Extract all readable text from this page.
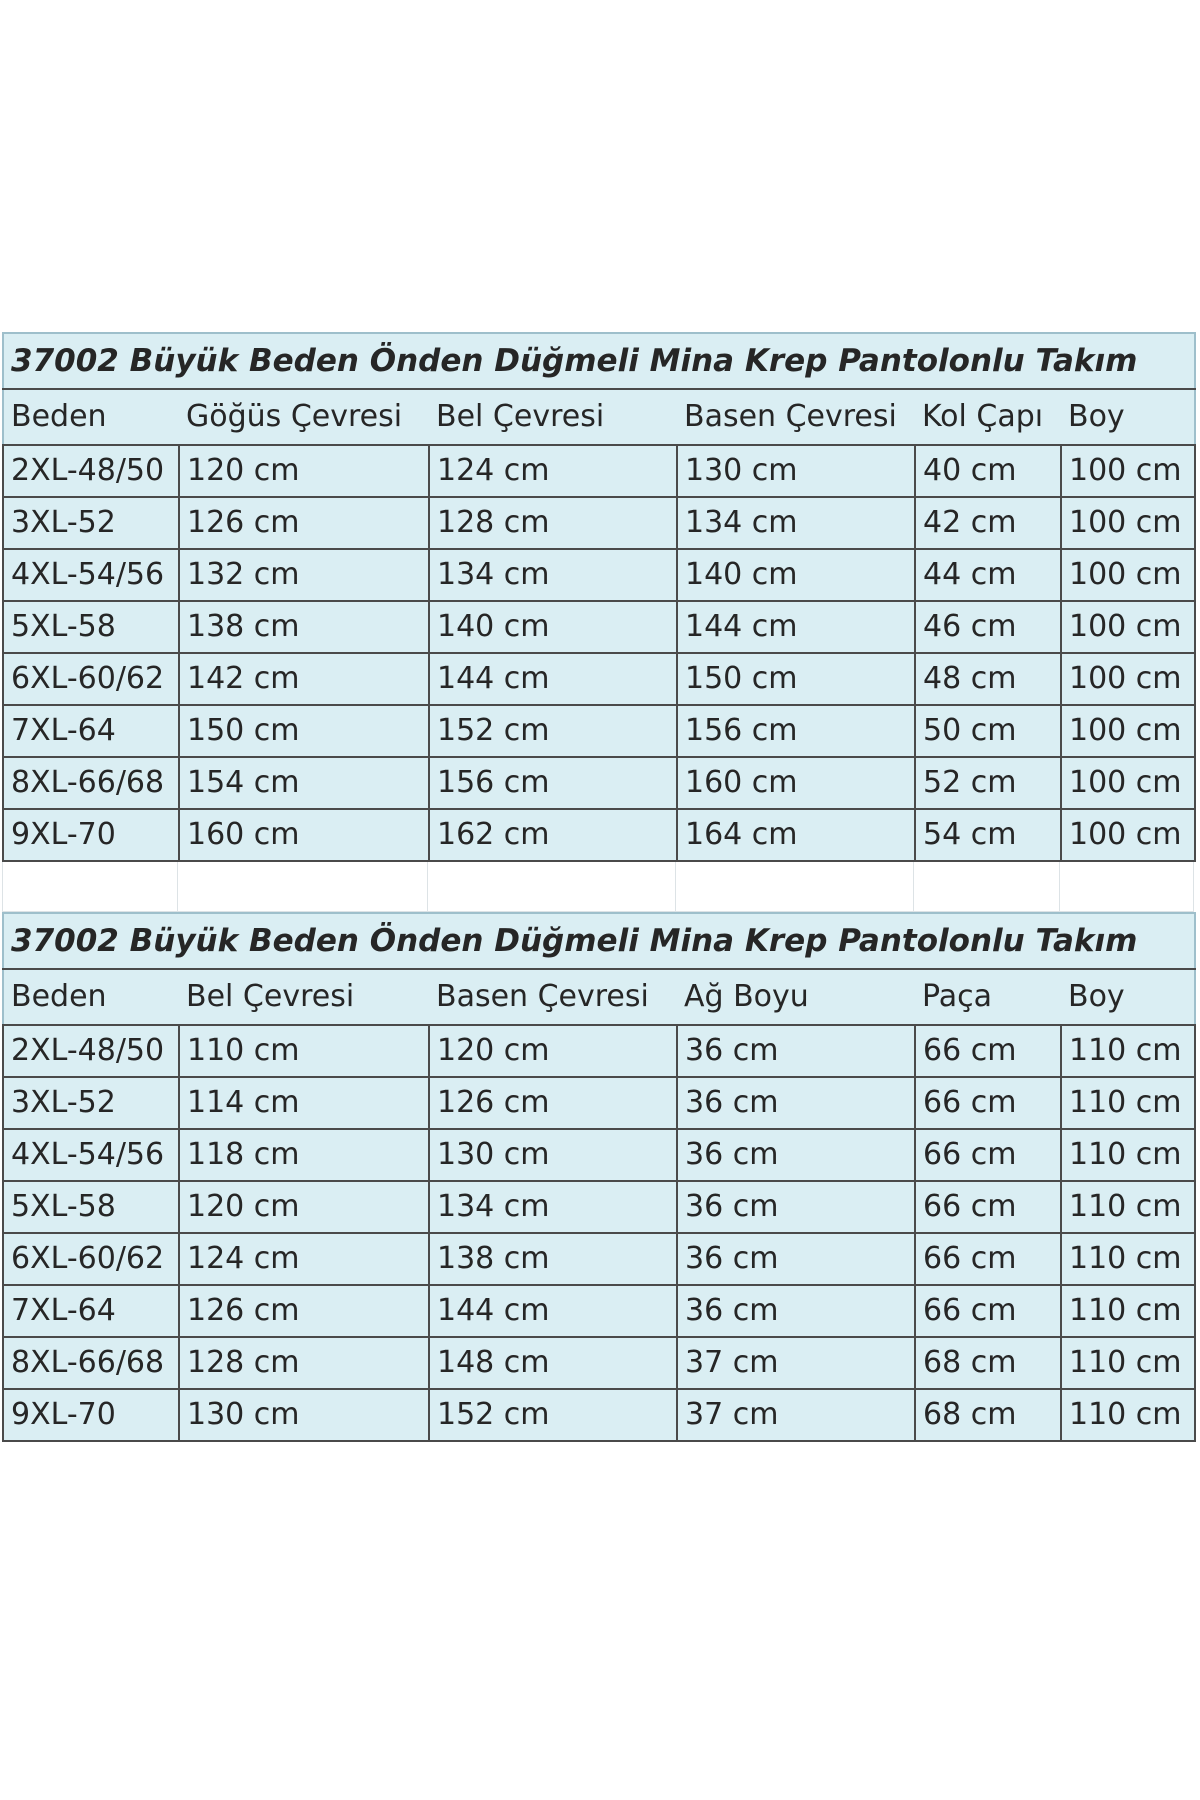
37002 Büyük Beden Önden Düğmeli Mina Krep Pantolonlu Takım					
Beden	Göğüs Çevresi	Bel Çevresi	Basen Çevresi	Kol Çapı	Boy
2XL-48/50	120 cm	124 cm	130 cm	40 cm	100 cm
3XL-52	126 cm	128 cm	134 cm	42 cm	100 cm
4XL-54/56	132 cm	134 cm	140 cm	44 cm	100 cm
5XL-58	138 cm	140 cm	144 cm	46 cm	100 cm
6XL-60/62	142 cm	144 cm	150 cm	48 cm	100 cm
7XL-64	150 cm	152 cm	156 cm	50 cm	100 cm
8XL-66/68	154 cm	156 cm	160 cm	52 cm	100 cm
9XL-70	160 cm	162 cm	164 cm	54 cm	100 cm
37002 Büyük Beden Önden Düğmeli Mina Krep Pantolonlu Takım					
Beden	Bel Çevresi	Basen Çevresi	Ağ Boyu	Paça	Boy
2XL-48/50	110 cm	120 cm	36 cm	66 cm	110 cm
3XL-52	114 cm	126 cm	36 cm	66 cm	110 cm
4XL-54/56	118 cm	130 cm	36 cm	66 cm	110 cm
5XL-58	120 cm	134 cm	36 cm	66 cm	110 cm
6XL-60/62	124 cm	138 cm	36 cm	66 cm	110 cm
7XL-64	126 cm	144 cm	36 cm	66 cm	110 cm
8XL-66/68	128 cm	148 cm	37 cm	68 cm	110 cm
9XL-70	130 cm	152 cm	37 cm	68 cm	110 cm
